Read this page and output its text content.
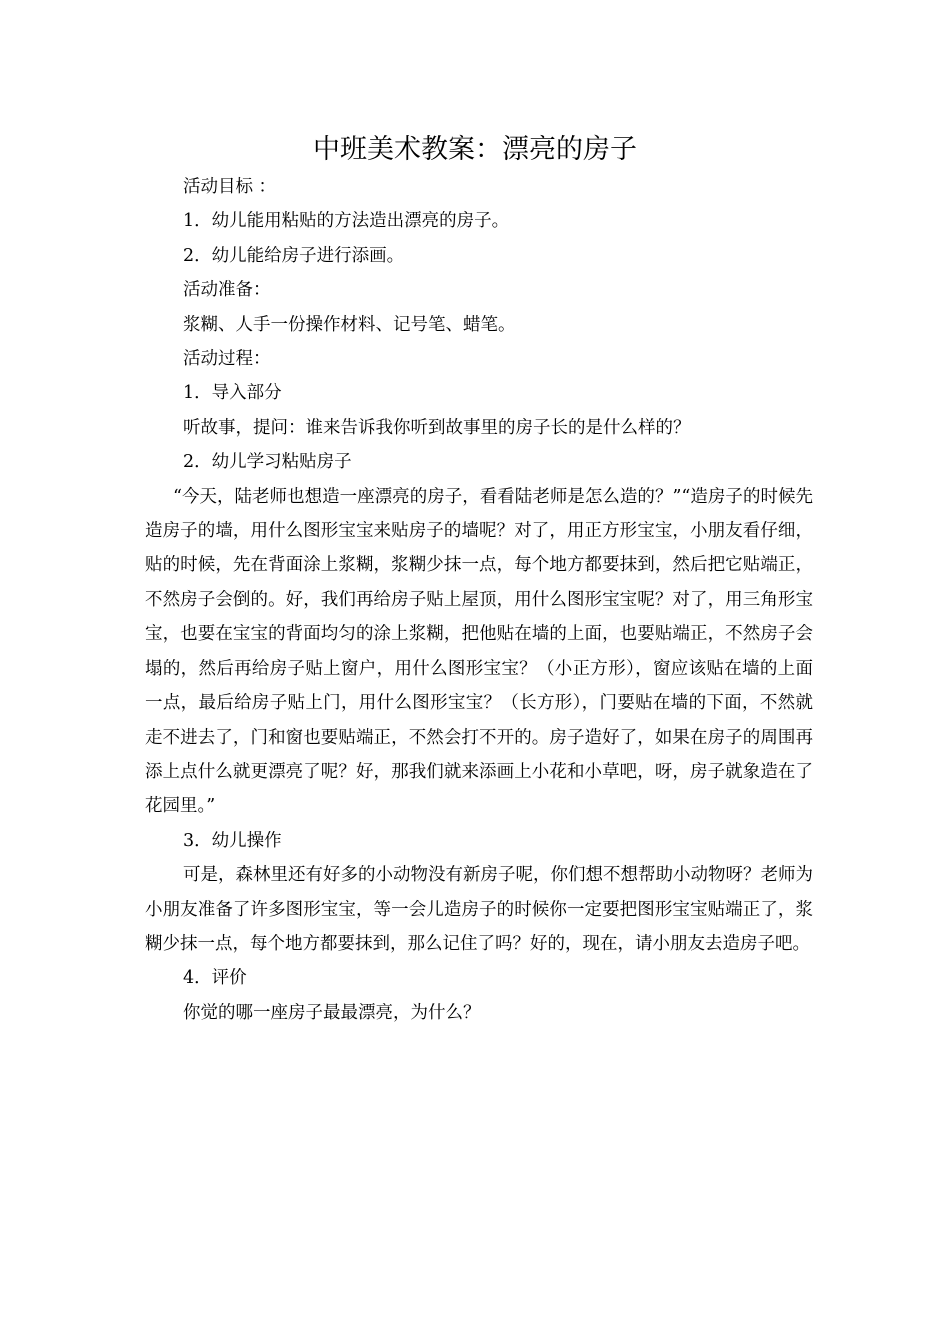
中班美术教案：漂亮的房子

活动目标 ：

1．幼儿能用粘贴的方法造出漂亮的房子。

2．幼儿能给房子进行添画。

活动准备：

浆糊、人手一份操作材料、记号笔、蜡笔。

活动过程：

1．导入部分

听故事，提问：谁来告诉我你听到故事里的房子长的是什么样的？

2．幼儿学习粘贴房子

“今天，陆老师也想造一座漂亮的房子，看看陆老师是怎么造的？”“造房子的时候先造房子的墙，用什么图形宝宝来贴房子的墙呢？对了，用正方形宝宝，小朋友看仔细，贴的时候，先在背面涂上浆糊，浆糊少抹一点，每个地方都要抹到，然后把它贴端正，不然房子会倒的。好，我们再给房子贴上屋顶，用什么图形宝宝呢？对了，用三角形宝宝，也要在宝宝的背面均匀的涂上浆糊，把他贴在墙的上面，也要贴端正，不然房子会塌的，然后再给房子贴上窗户，用什么图形宝宝？（小正方形），窗应该贴在墙的上面一点，最后给房子贴上门，用什么图形宝宝？（长方形），门要贴在墙的下面，不然就走不进去了，门和窗也要贴端正，不然会打不开的。房子造好了，如果在房子的周围再添上点什么就更漂亮了呢？好，那我们就来添画上小花和小草吧，呀，房子就象造在了花园里。”

3．幼儿操作

可是，森林里还有好多的小动物没有新房子呢，你们想不想帮助小动物呀？老师为小朋友准备了许多图形宝宝，等一会儿造房子的时候你一定要把图形宝宝贴端正了，浆糊少抹一点，每个地方都要抹到，那么记住了吗？好的，现在，请小朋友去造房子吧。

4．评价

你觉的哪一座房子最最漂亮，为什么？
